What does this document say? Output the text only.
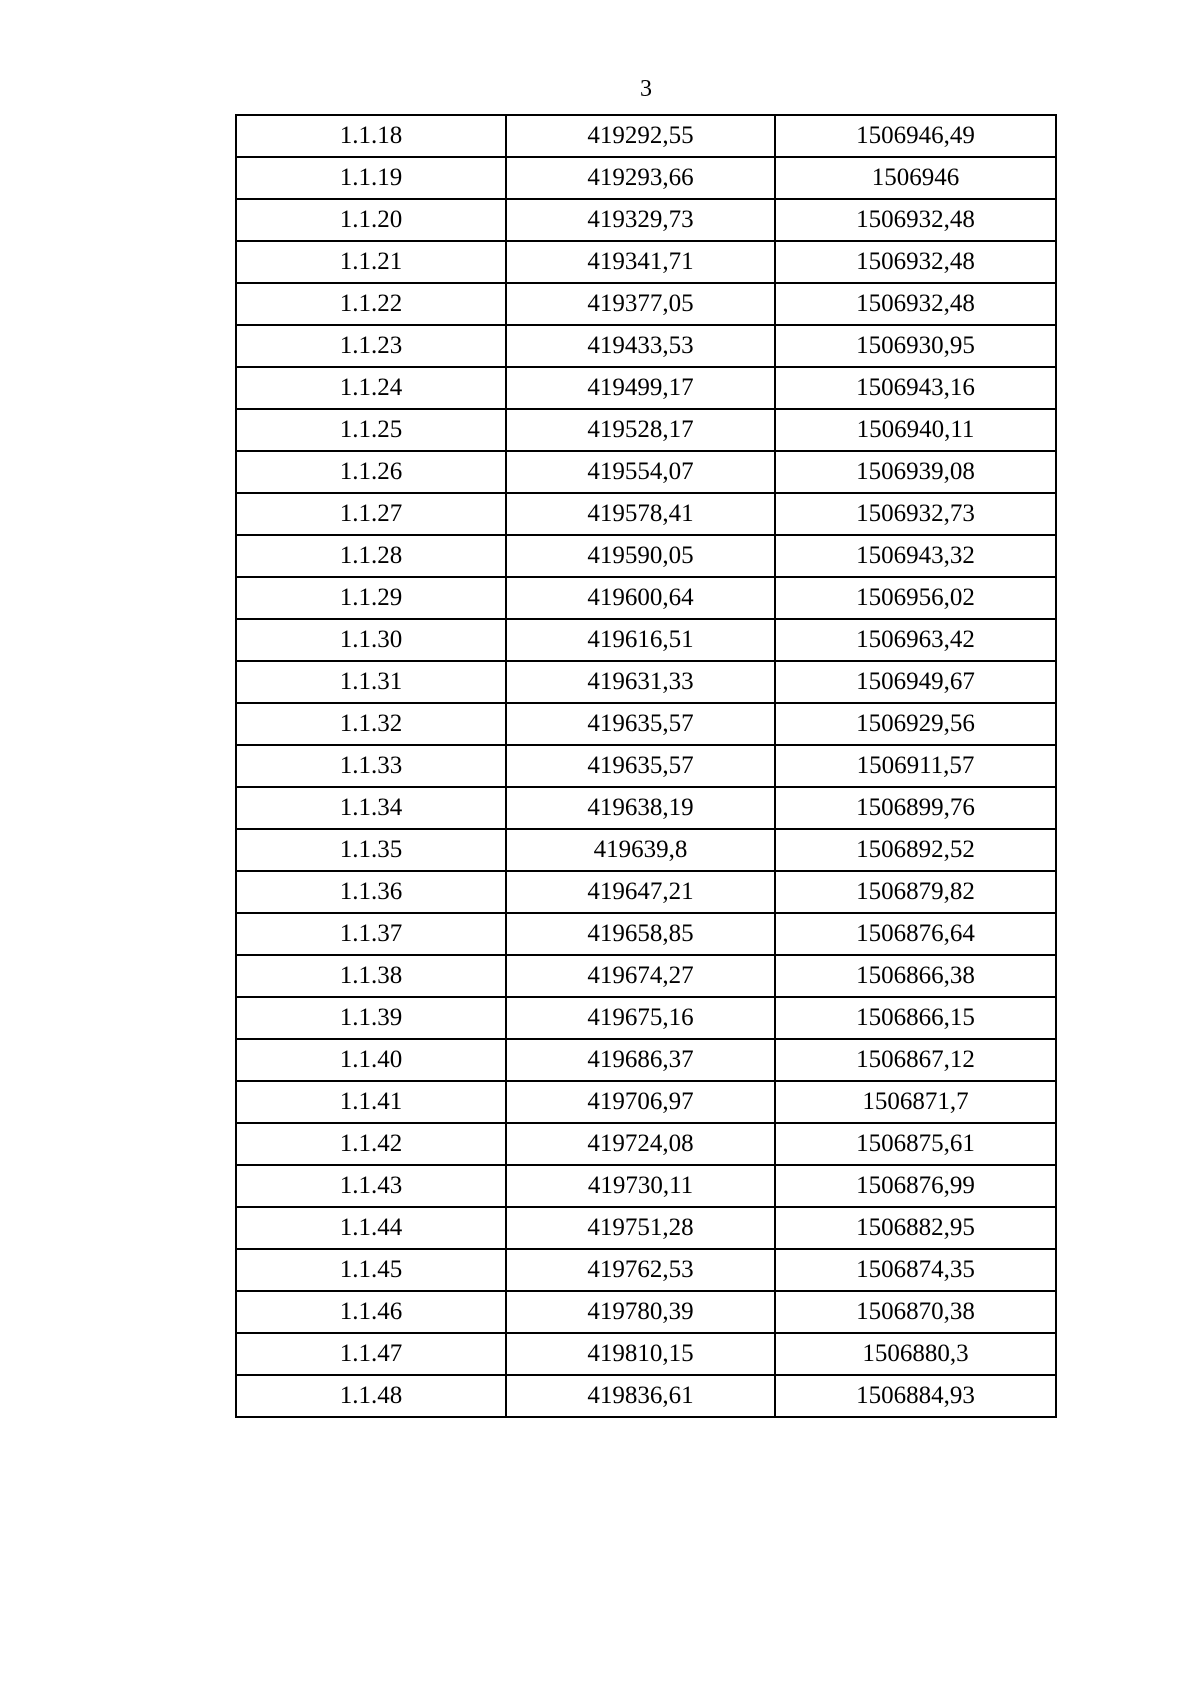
3
1.1.18	419292,55	1506946,49
1.1.19	419293,66	1506946
1.1.20	419329,73	1506932,48
1.1.21	419341,71	1506932,48
1.1.22	419377,05	1506932,48
1.1.23	419433,53	1506930,95
1.1.24	419499,17	1506943,16
1.1.25	419528,17	1506940,11
1.1.26	419554,07	1506939,08
1.1.27	419578,41	1506932,73
1.1.28	419590,05	1506943,32
1.1.29	419600,64	1506956,02
1.1.30	419616,51	1506963,42
1.1.31	419631,33	1506949,67
1.1.32	419635,57	1506929,56
1.1.33	419635,57	1506911,57
1.1.34	419638,19	1506899,76
1.1.35	419639,8	1506892,52
1.1.36	419647,21	1506879,82
1.1.37	419658,85	1506876,64
1.1.38	419674,27	1506866,38
1.1.39	419675,16	1506866,15
1.1.40	419686,37	1506867,12
1.1.41	419706,97	1506871,7
1.1.42	419724,08	1506875,61
1.1.43	419730,11	1506876,99
1.1.44	419751,28	1506882,95
1.1.45	419762,53	1506874,35
1.1.46	419780,39	1506870,38
1.1.47	419810,15	1506880,3
1.1.48	419836,61	1506884,93
